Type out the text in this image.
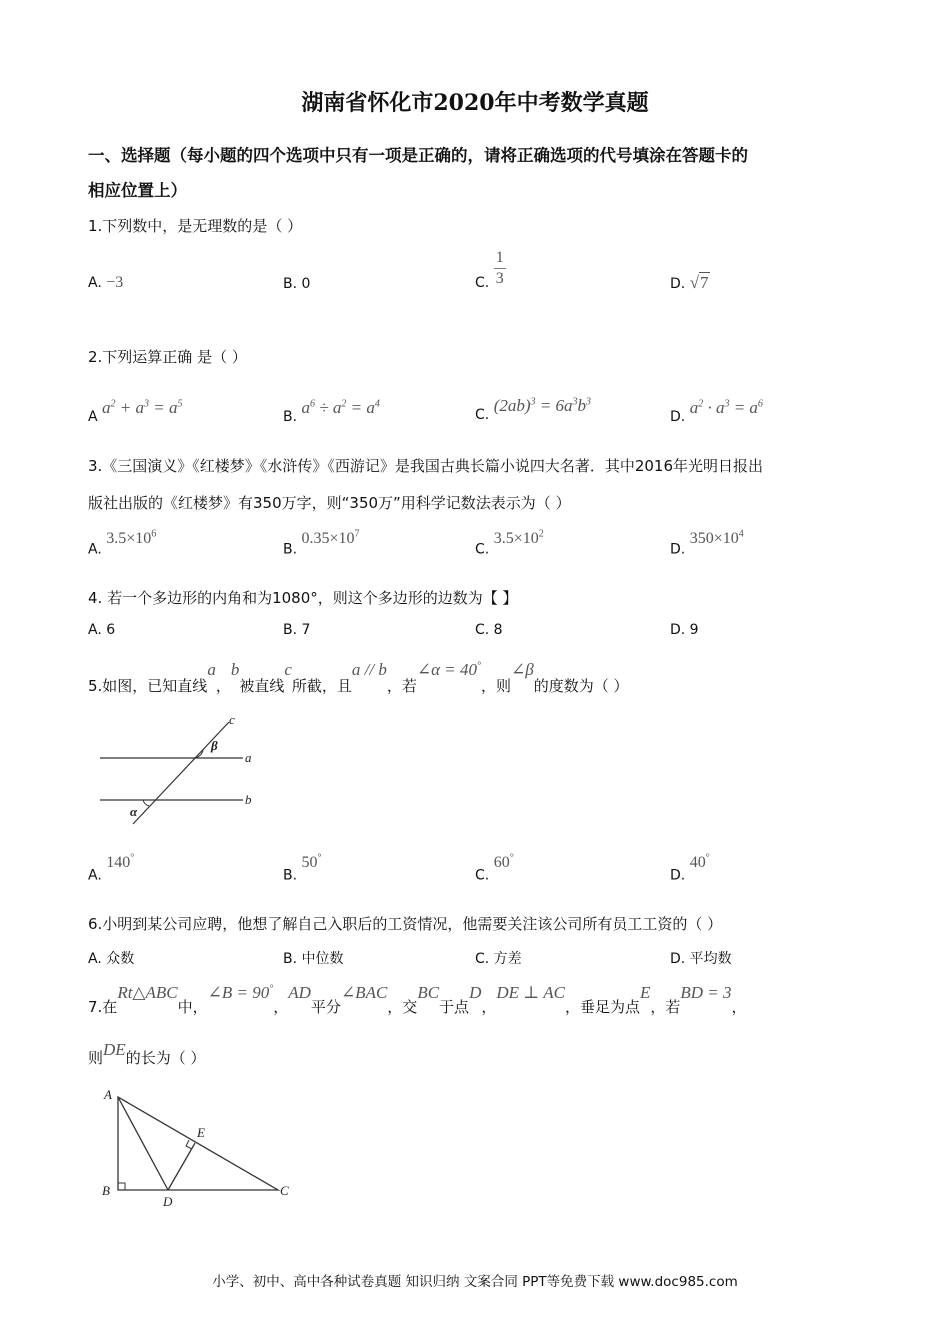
湖南省怀化市2020年中考数学真题
一、选择题（每小题的四个选项中只有一项是正确的，请将正确选项的代号填涂在答题卡的
相应位置上）
1.下列数中，是无理数的是（ ）
A. −3	B. 0	C. $\frac{1}{3}$	D. √7
2.下列运算正确 是（ ）
A $a^2 + a^3 = a^5$
B. $a^6 \div a^2 = a^4$
C. $(2ab)^3 = 6a^3b^3$
D. $a^2 \cdot a^3 = a^6$
3.《三国演义》《红楼梦》《水浒传》《西游记》是我国古典长篇小说四大名著．其中2016年光明日报出
版社出版的《红楼梦》有350万字，则“350万”用科学记数法表示为（ ）
A. $3.5\times 10^6$
B. $0.35\times 10^7$
C. $3.5\times 10^2$
D. $350\times 10^4$
4. 若一个多边形的内角和为1080°，则这个多边形的边数为【 】
A. 6	B. 7	C. 8	D. 9
5.如图，已知直线a，b被直线c所截，且a // b，若∠α = 40°，则∠β的度数为（ ）
c
a
b
β
α
A. 140°
B. 50°
C. 60°
D. 40°
6.小明到某公司应聘，他想了解自己入职后的工资情况，他需要关注该公司所有员工工资的（ ）
A. 众数	B. 中位数	C. 方差	D. 平均数
7.在Rt△ABC中，∠B = 90°，AD平分∠BAC，交BC于点D，DE ⊥ AC，垂足为点E，若BD = 3，
则DE的长为（ ）
A
B	C
D
E
小学、初中、高中各种试卷真题 知识归纳 文案合同 PPT等免费下载 www.doc985.com
